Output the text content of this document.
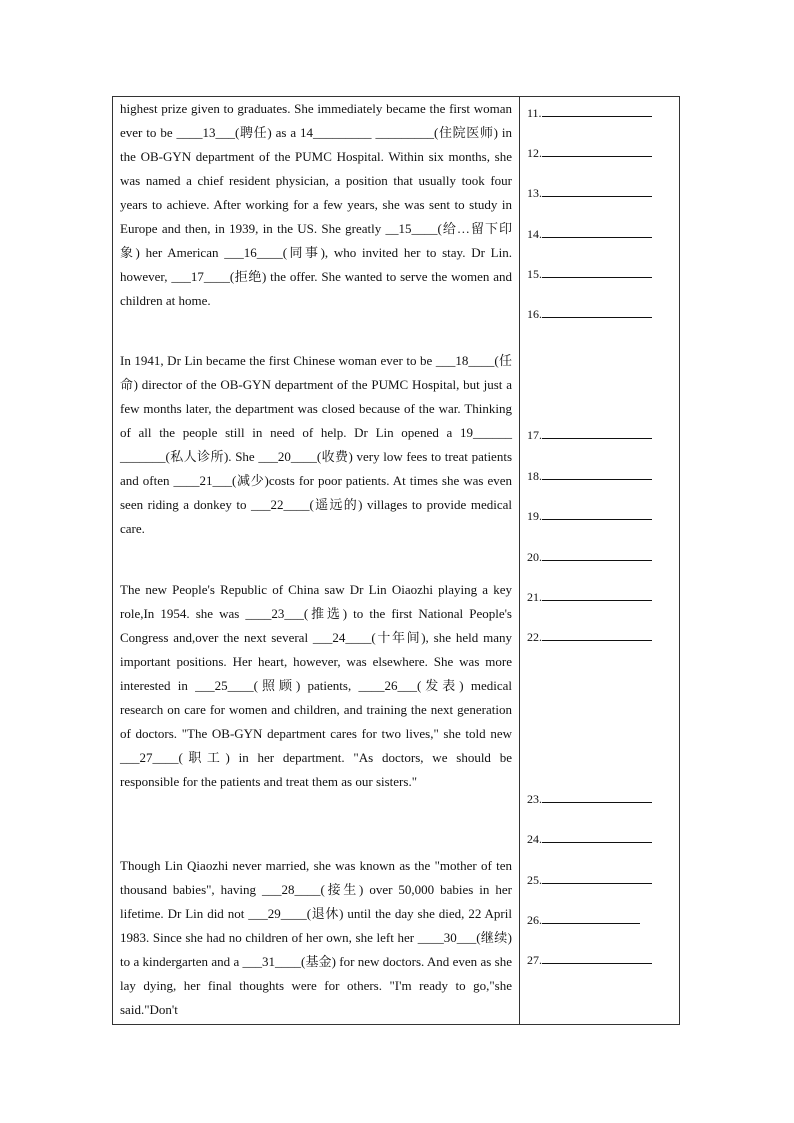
highest prize given to graduates. She immediately became the first woman ever to be ____13___(聘任) as a 14_________ _________(住院医师) in the OB-GYN department of the PUMC Hospital. Within six months, she was named a chief resident physician, a position that usually took four years to achieve. After working for a few years, she was sent to study in Europe and then, in 1939, in the US. She greatly __15____(给…留下印象) her American ___16____(同事), who invited her to stay. Dr Lin. however, ___17____(拒绝) the offer. She wanted to serve the women and children at home.

In 1941, Dr Lin became the first Chinese woman ever to be ___18____(任命) director of the OB-GYN department of the PUMC Hospital, but just a few months later, the department was closed because of the war. Thinking of all the people still in need of help. Dr Lin opened a 19______ _______(私人诊所). She ___20____(收费) very low fees to treat patients and often ____21___(减少)costs for poor patients. At times she was even seen riding a donkey to ___22____(遥远的) villages to provide medical care.

The new People's Republic of China saw Dr Lin Oiaozhi playing a key role,In 1954. she was ____23___(推选) to the first National People's Congress and,over the next several ___24____(十年间), she held many important positions. Her heart, however, was elsewhere. She was more interested in ___25____(照顾) patients, ____26___(发表) medical research on care for women and children, and training the next generation of doctors. "The OB-GYN department cares for two lives," she told new ___27____(职工) in her department. "As doctors, we should be responsible for the patients and treat them as our sisters."

Though Lin Qiaozhi never married, she was known as the "mother of ten thousand babies", having ___28____(接生) over 50,000 babies in her lifetime. Dr Lin did not ___29____(退休) until the day she died, 22 April 1983. Since she had no children of her own, she left her ____30___(继续) to a kindergarten and a ___31____(基金) for new doctors. And even as she lay dying, her final thoughts were for others. "I'm ready to go,"she said."Don't

11.
12.
13.
14.
15.
16.
17.
18.
19.
20.
21.
22.
23.
24.
25.
26.
27.
